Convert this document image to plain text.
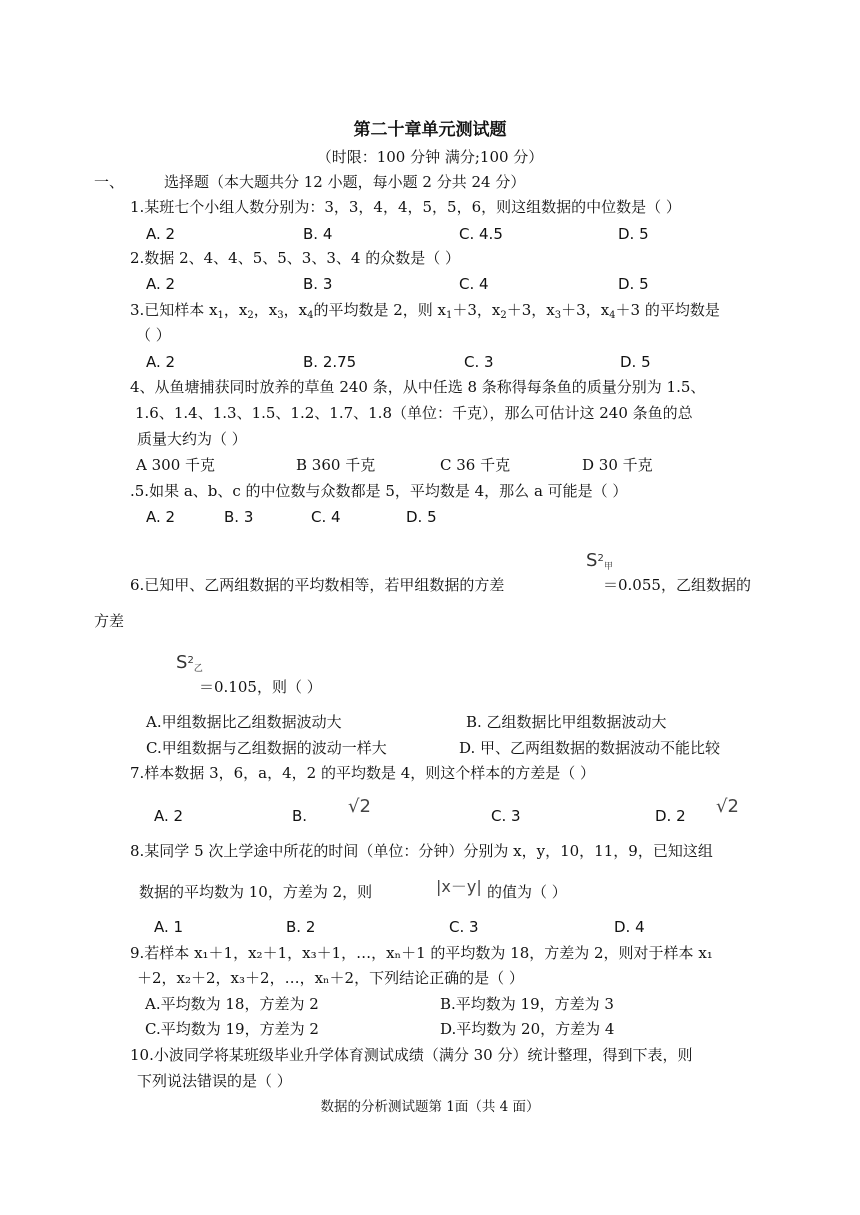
第二十章单元测试题
（时限：100 分钟 满分;100 分）
一、	选择题（本大题共分 12 小题，每小题 2 分共 24 分）
1.某班七个小组人数分别为：3，3，4，4，5，5，6，则这组数据的中位数是（ ）
A. 2	B. 4	C. 4.5	D. 5
2.数据 2、4、4、5、5、3、3、4 的众数是（ ）
A. 2	B. 3	C. 4	D. 5
3.已知样本 $x_1$，$x_2$，$x_3$，$x_4$的平均数是 2，则 $x_1+3$，$x_2+3$，$x_3+3$，$x_4+3$ 的平均数是
（ ）
A. 2	B. 2.75	C. 3	D. 5
4、从鱼塘捕获同时放养的草鱼 240 条，从中任选 8 条称得每条鱼的质量分别为 1.5、
1.6、1.4、1.3、1.5、1.2、1.7、1.8（单位：千克），那么可估计这 240 条鱼的总
质量大约为（ ）
A 300 千克	B 360 千克	C 36 千克	D 30 千克
.5.如果 a、b、c 的中位数与众数都是 5，平均数是 4，那么 a 可能是（ ）
A. 2	B. 3	C. 4	D. 5
$S^2_甲$
6.已知甲、乙两组数据的平均数相等，若甲组数据的方差	＝0.055，乙组数据的
方差
$S^2_乙$
＝0.105，则（ ）
A.甲组数据比乙组数据波动大	B. 乙组数据比甲组数据波动大
C.甲组数据与乙组数据的波动一样大	D. 甲、乙两组数据的数据波动不能比较
7.样本数据 3，6，a，4，2 的平均数是 4，则这个样本的方差是（ ）
A. 2	B. √2	C. 3	D. 2 √2
8.某同学 5 次上学途中所花的时间（单位：分钟）分别为 x，y，10，11，9，已知这组
数据的平均数为 10，方差为 2，则	|x－y| 的值为（ ）
A. 1	B. 2	C. 3	D. 4
9.若样本 x₁＋1，x₂＋1，x₃＋1，…，xₙ＋1 的平均数为 18，方差为 2，则对于样本 x₁
＋2，x₂＋2，x₃＋2，…，xₙ＋2，下列结论正确的是（ ）
A.平均数为 18，方差为 2	B.平均数为 19，方差为 3
C.平均数为 19，方差为 2	D.平均数为 20，方差为 4
10.小波同学将某班级毕业升学体育测试成绩（满分 30 分）统计整理，得到下表，则
下列说法错误的是（ ）
数据的分析测试题第 1面（共 4 面）
